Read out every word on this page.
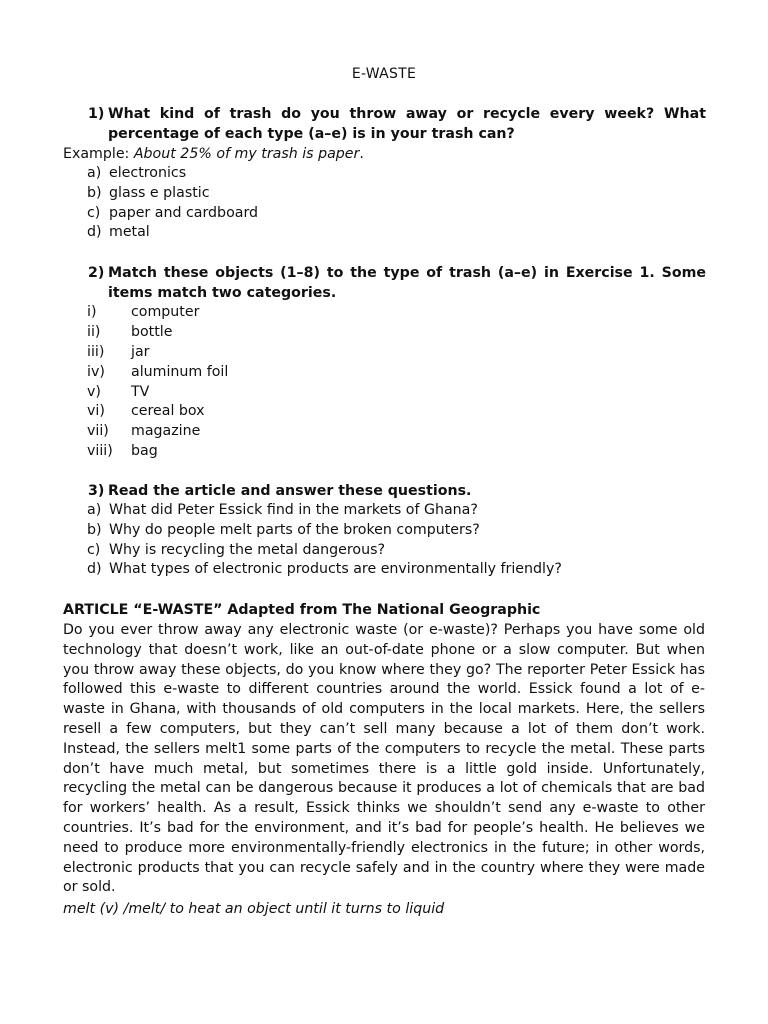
E-WASTE
1) What kind of trash do you throw away or recycle every week? What percentage of each type (a–e) is in your trash can?
Example: About 25% of my trash is paper.
a) electronics
b) glass e plastic
c) paper and cardboard
d) metal
2) Match these objects (1–8) to the type of trash (a–e) in Exercise 1. Some items match two categories.
i) computer
ii) bottle
iii) jar
iv) aluminum foil
v) TV
vi) cereal box
vii) magazine
viii) bag
3) Read the article and answer these questions.
a) What did Peter Essick find in the markets of Ghana?
b) Why do people melt parts of the broken computers?
c) Why is recycling the metal dangerous?
d) What types of electronic products are environmentally friendly?
ARTICLE “E-WASTE” Adapted from The National Geographic

Do you ever throw away any electronic waste (or e-waste)? Perhaps you have some old technology that doesn’t work, like an out-of-date phone or a slow computer. But when you throw away these objects, do you know where they go? The reporter Peter Essick has followed this e-waste to different countries around the world. Essick found a lot of e-waste in Ghana, with thousands of old computers in the local markets. Here, the sellers resell a few computers, but they can’t sell many because a lot of them don’t work. Instead, the sellers melt1 some parts of the computers to recycle the metal. These parts don’t have much metal, but sometimes there is a little gold inside. Unfortunately, recycling the metal can be dangerous because it produces a lot of chemicals that are bad for workers’ health. As a result, Essick thinks we shouldn’t send any e-waste to other countries. It’s bad for the environment, and it’s bad for people’s health. He believes we need to produce more environmentally-friendly electronics in the future; in other words, electronic products that you can recycle safely and in the country where they were made or sold.

melt (v) /melt/ to heat an object until it turns to liquid
